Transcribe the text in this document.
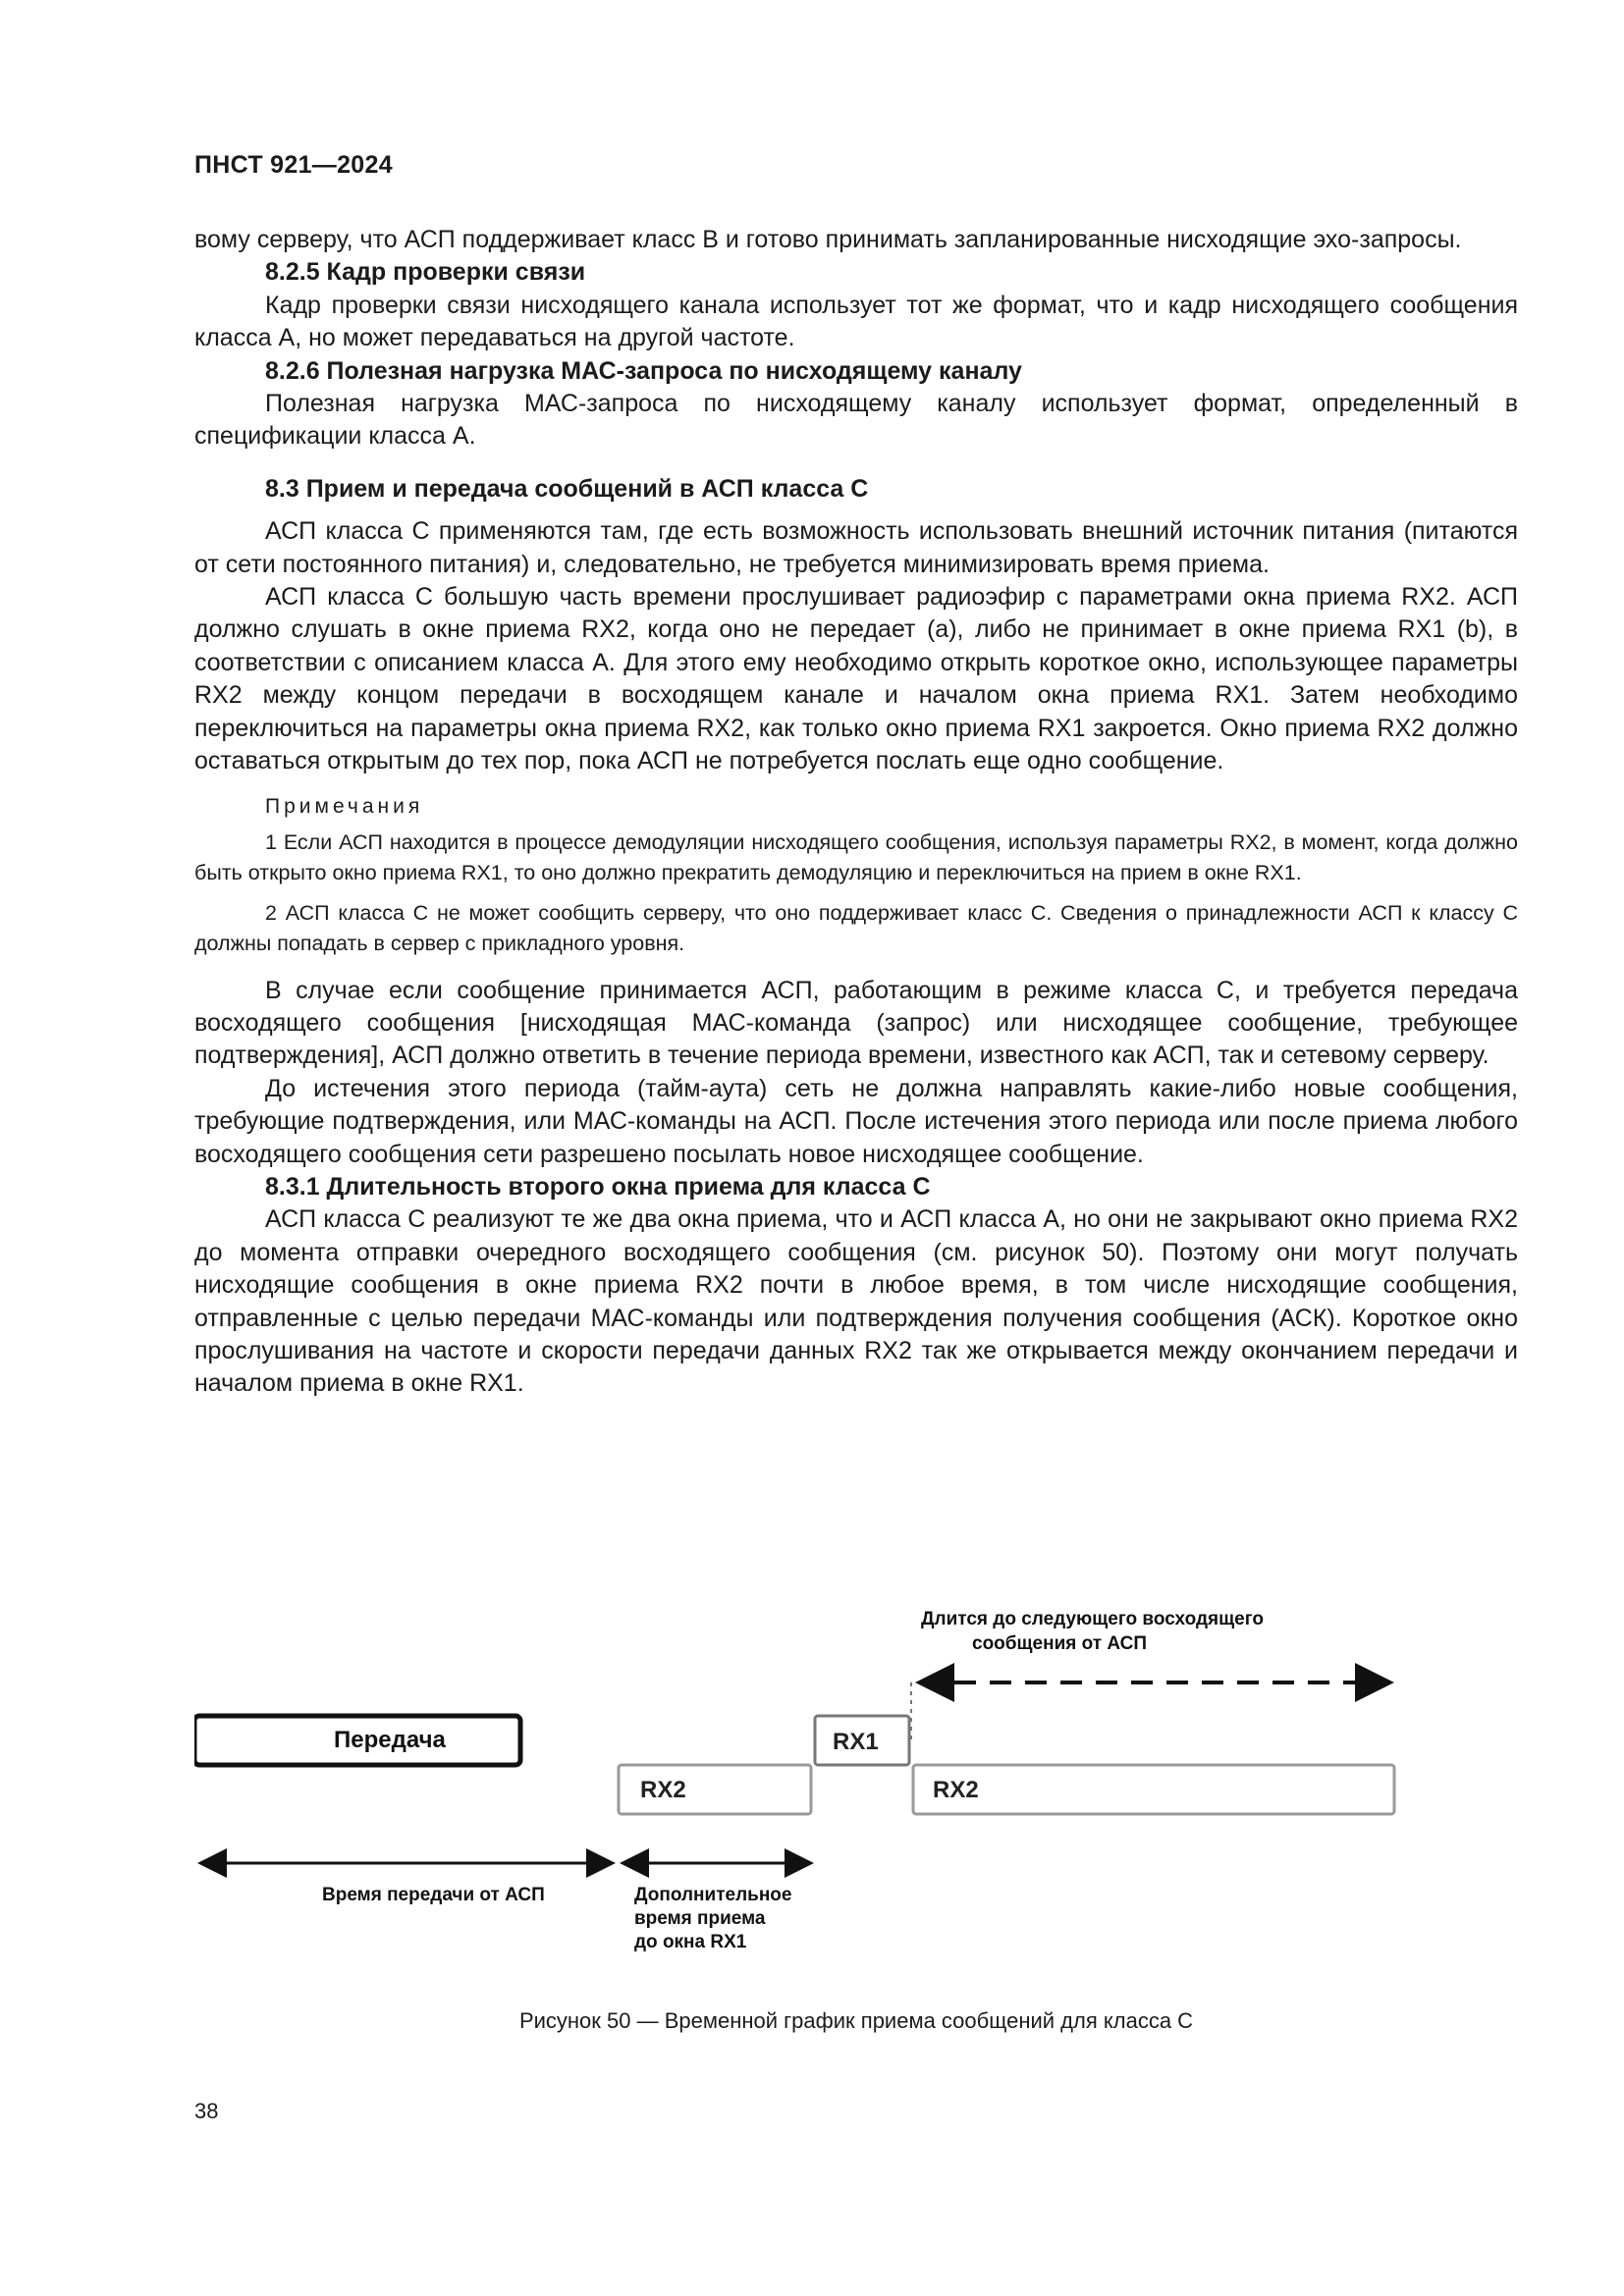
ПНСТ 921—2024

вому серверу, что АСП поддерживает класс В и готово принимать запланированные нисходящие эхо-запросы.

8.2.5 Кадр проверки связи

Кадр проверки связи нисходящего канала использует тот же формат, что и кадр нисходящего сообщения класса А, но может передаваться на другой частоте.

8.2.6 Полезная нагрузка МАС-запроса по нисходящему каналу

Полезная нагрузка МАС-запроса по нисходящему каналу использует формат, определенный в спецификации класса А.

8.3 Прием и передача сообщений в АСП класса С

АСП класса С применяются там, где есть возможность использовать внешний источник питания (питаются от сети постоянного питания) и, следовательно, не требуется минимизировать время приема.

АСП класса С большую часть времени прослушивает радиоэфир с параметрами окна приема RX2. АСП должно слушать в окне приема RX2, когда оно не передает (a), либо не принимает в окне приема RX1 (b), в соответствии с описанием класса А. Для этого ему необходимо открыть короткое окно, использующее параметры RX2 между концом передачи в восходящем канале и началом окна приема RX1. Затем необходимо переключиться на параметры окна приема RX2, как только окно приема RX1 закроется. Окно приема RX2 должно оставаться открытым до тех пор, пока АСП не потребуется послать еще одно сообщение.

Примечания

1 Если АСП находится в процессе демодуляции нисходящего сообщения, используя параметры RX2, в момент, когда должно быть открыто окно приема RX1, то оно должно прекратить демодуляцию и переключиться на прием в окне RX1.

2 АСП класса С не может сообщить серверу, что оно поддерживает класс С. Сведения о принадлежности АСП к классу С должны попадать в сервер с прикладного уровня.

В случае если сообщение принимается АСП, работающим в режиме класса С, и требуется передача восходящего сообщения [нисходящая МАС-команда (запрос) или нисходящее сообщение, требующее подтверждения], АСП должно ответить в течение периода времени, известного как АСП, так и сетевому серверу.

До истечения этого периода (тайм-аута) сеть не должна направлять какие-либо новые сообщения, требующие подтверждения, или МАС-команды на АСП. После истечения этого периода или после приема любого восходящего сообщения сети разрешено посылать новое нисходящее сообщение.

8.3.1 Длительность второго окна приема для класса С

АСП класса С реализуют те же два окна приема, что и АСП класса А, но они не закрывают окно приема RX2 до момента отправки очередного восходящего сообщения (см. рисунок 50). Поэтому они могут получать нисходящие сообщения в окне приема RX2 почти в любое время, в том числе нисходящие сообщения, отправленные с целью передачи МАС-команды или подтверждения получения сообщения (АСК). Короткое окно прослушивания на частоте и скорости передачи данных RX2 так же открывается между окончанием передачи и началом приема в окне RX1.

Длится до следующего восходящего
сообщения от АСП
Передача	RX1
RX2	RX2
Время передачи от АСП	Дополнительное
время приема
до окна RX1
Рисунок 50 — Временной график приема сообщений для класса С
38
